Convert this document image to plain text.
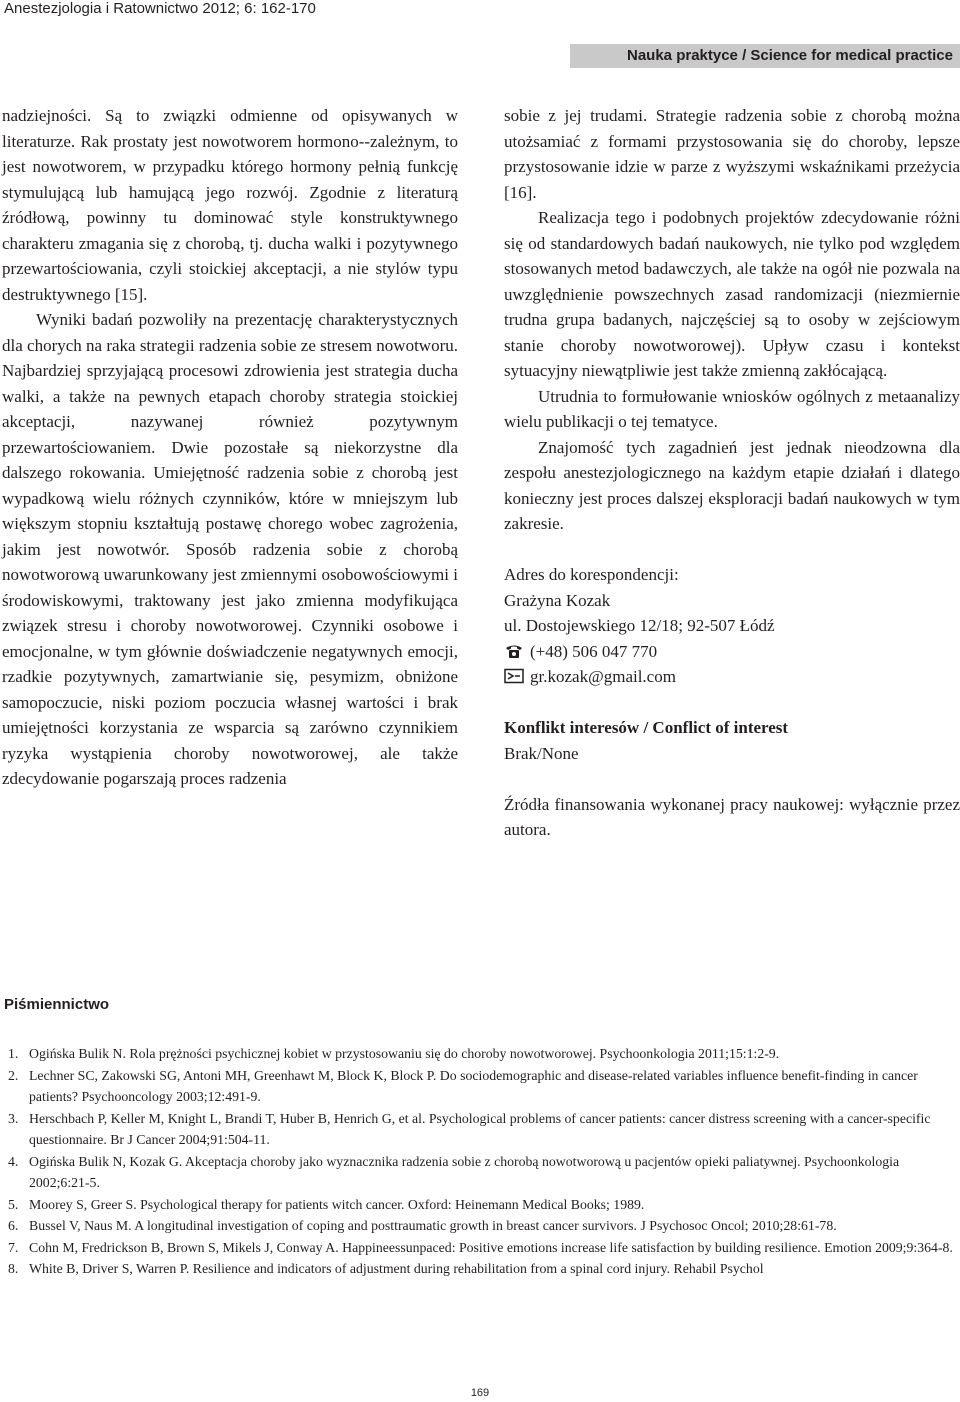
Anestezjologia i Ratownictwo 2012; 6: 162-170
Nauka praktyce / Science for medical practice

nadziejności. Są to związki odmienne od opisywanych w literaturze. Rak prostaty jest nowotworem hormono--zależnym, to jest nowotworem, w przypadku którego hormony pełnią funkcję stymulującą lub hamującą jego rozwój. Zgodnie z literaturą źródłową, powinny tu dominować style konstruktywnego charakteru zmagania się z chorobą, tj. ducha walki i pozytywnego przewartościowania, czyli stoickiej akceptacji, a nie stylów typu destruktywnego [15].

Wyniki badań pozwoliły na prezentację charakterystycznych dla chorych na raka strategii radzenia sobie ze stresem nowotworu. Najbardziej sprzyjającą procesowi zdrowienia jest strategia ducha walki, a także na pewnych etapach choroby strategia stoickiej akceptacji, nazywanej również pozytywnym przewartościowaniem. Dwie pozostałe są niekorzystne dla dalszego rokowania. Umiejętność radzenia sobie z chorobą jest wypadkową wielu różnych czynników, które w mniejszym lub większym stopniu kształtują postawę chorego wobec zagrożenia, jakim jest nowotwór. Sposób radzenia sobie z chorobą nowotworową uwarunkowany jest zmiennymi osobowościowymi i środowiskowymi, traktowany jest jako zmienna modyfikująca związek stresu i choroby nowotworowej. Czynniki osobowe i emocjonalne, w tym głównie doświadczenie negatywnych emocji, rzadkie pozytywnych, zamartwianie się, pesymizm, obniżone samopoczucie, niski poziom poczucia własnej wartości i brak umiejętności korzystania ze wsparcia są zarówno czynnikiem ryzyka wystąpienia choroby nowotworowej, ale także zdecydowanie pogarszają proces radzenia

sobie z jej trudami. Strategie radzenia sobie z chorobą można utożsamiać z formami przystosowania się do choroby, lepsze przystosowanie idzie w parze z wyższymi wskaźnikami przeżycia [16].

Realizacja tego i podobnych projektów zdecydowanie różni się od standardowych badań naukowych, nie tylko pod względem stosowanych metod badawczych, ale także na ogół nie pozwala na uwzględnienie powszechnych zasad randomizacji (niezmiernie trudna grupa badanych, najczęściej są to osoby w zejściowym stanie choroby nowotworowej). Upływ czasu i kontekst sytuacyjny niewątpliwie jest także zmienną zakłócającą.

Utrudnia to formułowanie wniosków ogólnych z metaanalizy wielu publikacji o tej tematyce.

Znajomość tych zagadnień jest jednak nieodzowna dla zespołu anestezjologicznego na każdym etapie działań i dlatego konieczny jest proces dalszej eksploracji badań naukowych w tym zakresie.

Adres do korespondencji:

Grażyna Kozak

ul. Dostojewskiego 12/18; 92-507 Łódź

(+48) 506 047 770

gr.kozak@gmail.com

Konflikt interesów / Conflict of interest

Brak/None

Źródła finansowania wykonanej pracy naukowej: wyłącznie przez autora.

Piśmiennictwo
1. Ogińska Bulik N. Rola prężności psychicznej kobiet w przystosowaniu się do choroby nowotworowej. Psychoonkologia 2011;15:1:2-9.
2. Lechner SC, Zakowski SG, Antoni MH, Greenhawt M, Block K, Block P. Do sociodemographic and disease-related variables influence benefit-finding in cancer patients? Psychooncology 2003;12:491-9.
3. Herschbach P, Keller M, Knight L, Brandi T, Huber B, Henrich G, et al. Psychological problems of cancer patients: cancer distress screening with a cancer-specific questionnaire. Br J Cancer 2004;91:504-11.
4. Ogińska Bulik N, Kozak G. Akceptacja choroby jako wyznacznika radzenia sobie z chorobą nowotworową u pacjentów opieki paliatywnej. Psychoonkologia 2002;6:21-5.
5. Moorey S, Greer S. Psychological therapy for patients witch cancer. Oxford: Heinemann Medical Books; 1989.
6. Bussel V, Naus M. A longitudinal investigation of coping and posttraumatic growth in breast cancer survivors. J Psychosoc Oncol; 2010;28:61-78.
7. Cohn M, Fredrickson B, Brown S, Mikels J, Conway A. Happineessunpaced: Positive emotions increase life satisfaction by building resilience. Emotion 2009;9:364-8.
8. White B, Driver S, Warren P. Resilience and indicators of adjustment during rehabilitation from a spinal cord injury. Rehabil Psychol
169
